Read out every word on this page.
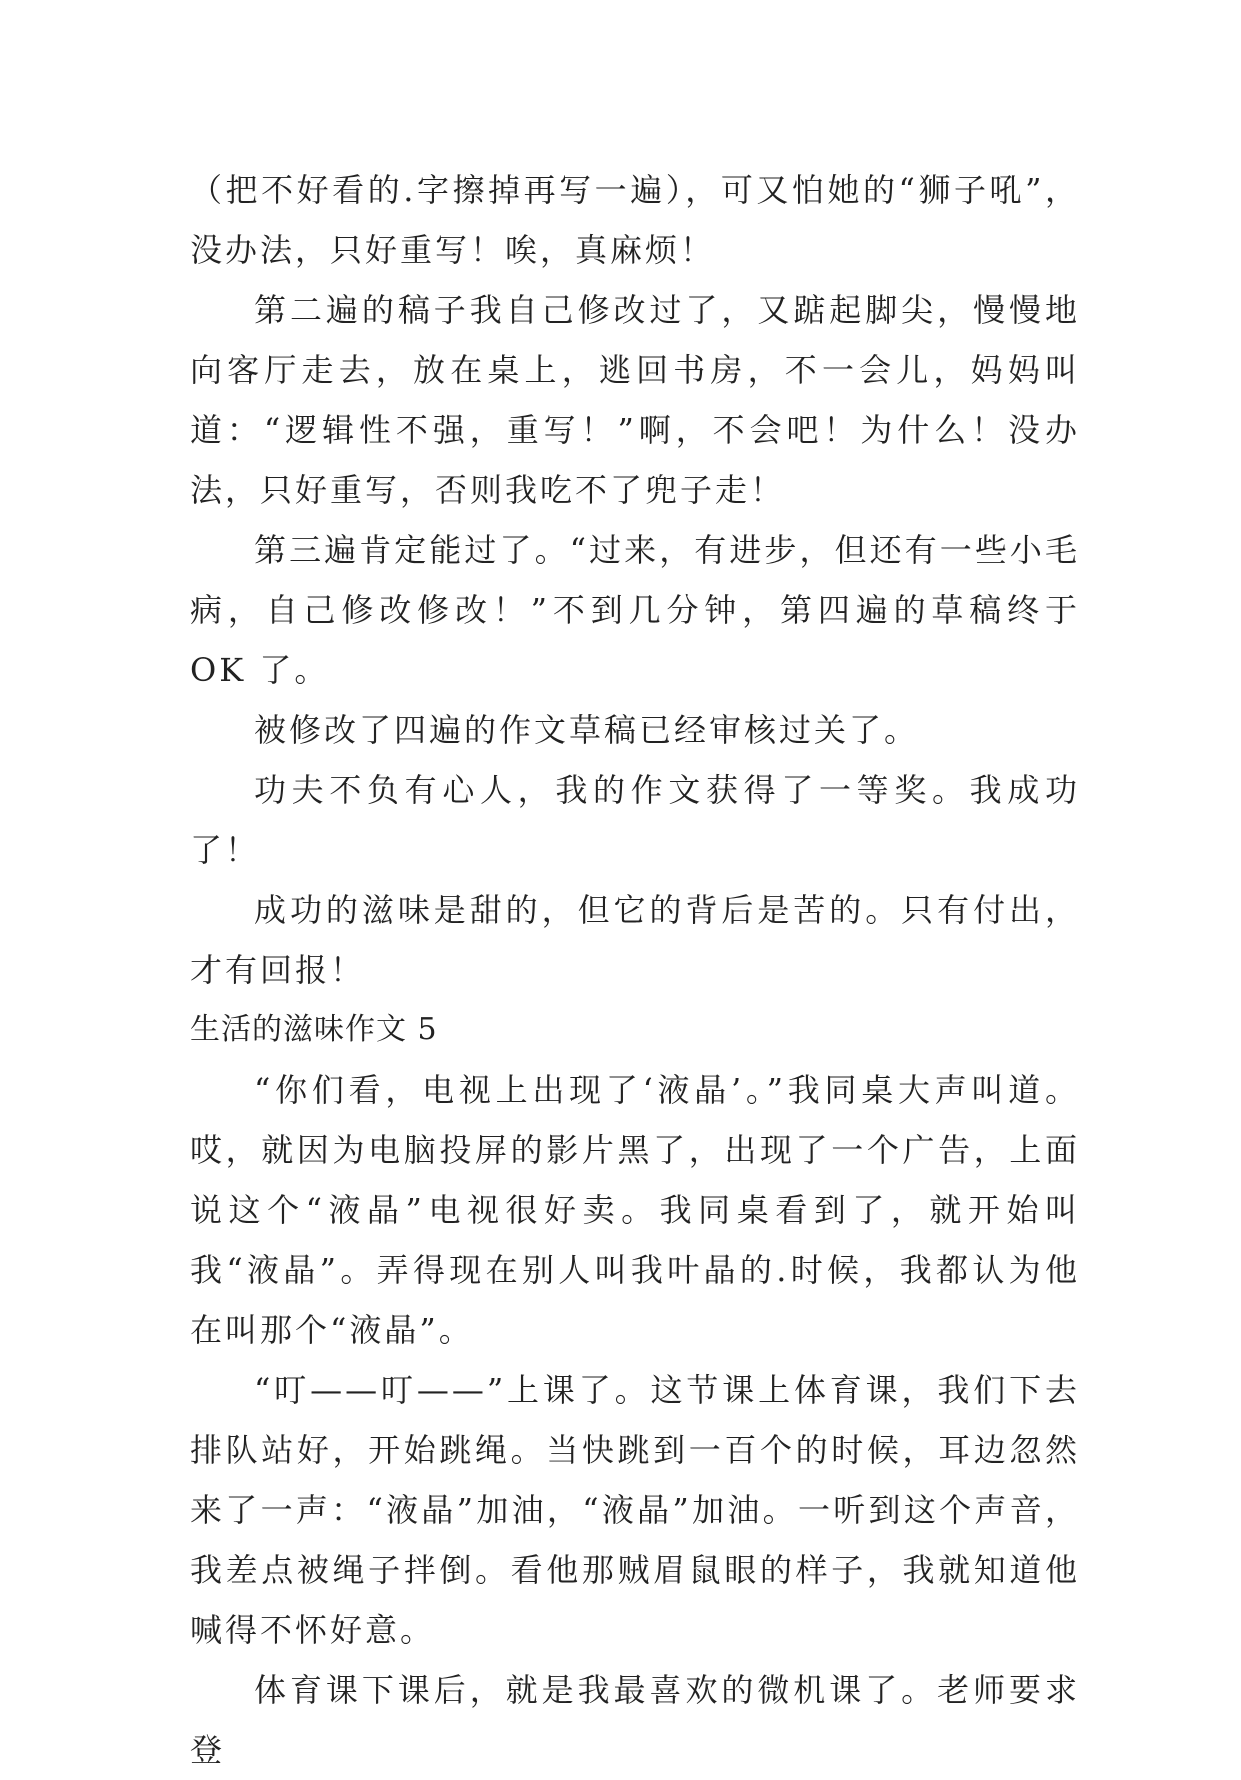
（把不好看的.字擦掉再写一遍），可又怕她的“狮子吼”，没办法，只好重写！唉，真麻烦！

第二遍的稿子我自己修改过了，又踮起脚尖，慢慢地向客厅走去，放在桌上，逃回书房，不一会儿，妈妈叫道：“逻辑性不强，重写！”啊，不会吧！为什么！没办法，只好重写，否则我吃不了兜子走！

第三遍肯定能过了。“过来，有进步，但还有一些小毛病，自己修改修改！”不到几分钟，第四遍的草稿终于 OK 了。

被修改了四遍的作文草稿已经审核过关了。

功夫不负有心人，我的作文获得了一等奖。我成功了！

成功的滋味是甜的，但它的背后是苦的。只有付出，才有回报！

生活的滋味作文 5

“你们看，电视上出现了‘液晶’。”我同桌大声叫道。哎，就因为电脑投屏的影片黑了，出现了一个广告，上面说这个“液晶”电视很好卖。我同桌看到了，就开始叫我“液晶”。弄得现在别人叫我叶晶的.时候，我都认为他在叫那个“液晶”。

“叮——叮——”上课了。这节课上体育课，我们下去排队站好，开始跳绳。当快跳到一百个的时候，耳边忽然来了一声：“液晶”加油，“液晶”加油。一听到这个声音，我差点被绳子拌倒。看他那贼眉鼠眼的样子，我就知道他喊得不怀好意。

体育课下课后，就是我最喜欢的微机课了。老师要求登
